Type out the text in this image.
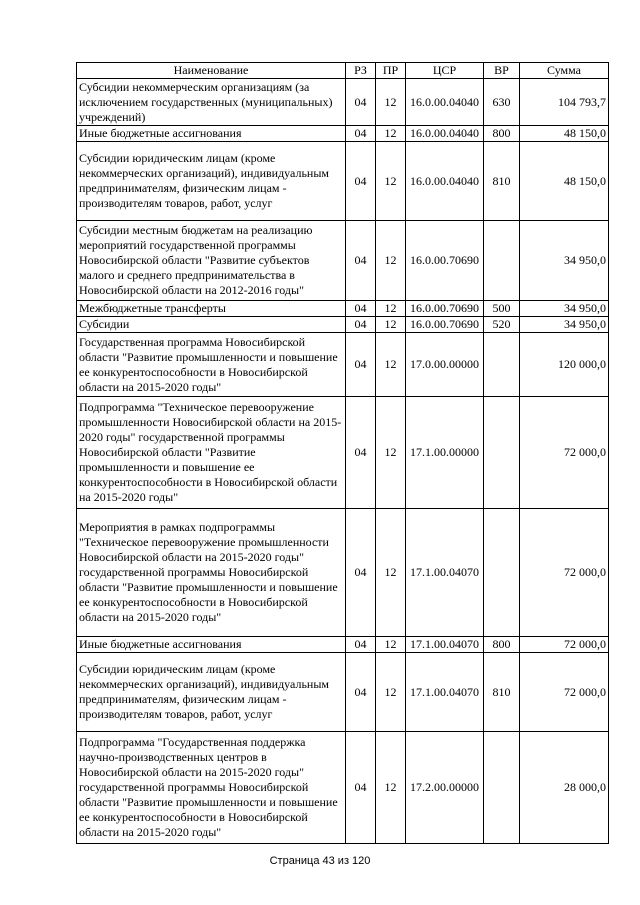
Наименование	РЗ	ПР	ЦСР	ВР	Сумма
Субсидии некоммерческим организациям (за исключением государственных (муниципальных) учреждений)	04	12	16.0.00.04040	630	104 793,7
Иные бюджетные ассигнования	04	12	16.0.00.04040	800	48 150,0
Субсидии юридическим лицам (кроме некоммерческих организаций), индивидуальным предпринимателям, физическим лицам - производителям товаров, работ, услуг	04	12	16.0.00.04040	810	48 150,0
Субсидии местным бюджетам на реализацию мероприятий государственной программы Новосибирской области "Развитие субъектов малого и среднего предпринимательства в Новосибирской области на 2012-2016 годы"	04	12	16.0.00.70690		34 950,0
Межбюджетные трансферты	04	12	16.0.00.70690	500	34 950,0
Субсидии	04	12	16.0.00.70690	520	34 950,0
Государственная программа Новосибирской области "Развитие промышленности и повышение ее конкурентоспособности в Новосибирской области на 2015-2020 годы"	04	12	17.0.00.00000		120 000,0
Подпрограмма "Техническое перевооружение промышленности Новосибирской области на 2015-2020 годы" государственной программы Новосибирской области "Развитие промышленности и повышение ее конкурентоспособности в Новосибирской области на 2015-2020 годы"	04	12	17.1.00.00000		72 000,0
Мероприятия в рамках подпрограммы "Техническое перевооружение промышленности Новосибирской области на 2015-2020 годы" государственной программы Новосибирской области "Развитие промышленности и повышение ее конкурентоспособности в Новосибирской области на 2015-2020 годы"	04	12	17.1.00.04070		72 000,0
Иные бюджетные ассигнования	04	12	17.1.00.04070	800	72 000,0
Субсидии юридическим лицам (кроме некоммерческих организаций), индивидуальным предпринимателям, физическим лицам - производителям товаров, работ, услуг	04	12	17.1.00.04070	810	72 000,0
Подпрограмма "Государственная поддержка научно-производственных центров в Новосибирской области на 2015-2020 годы" государственной программы Новосибирской области "Развитие промышленности и повышение ее конкурентоспособности в Новосибирской области на 2015-2020 годы"	04	12	17.2.00.00000		28 000,0
Страница 43 из 120
